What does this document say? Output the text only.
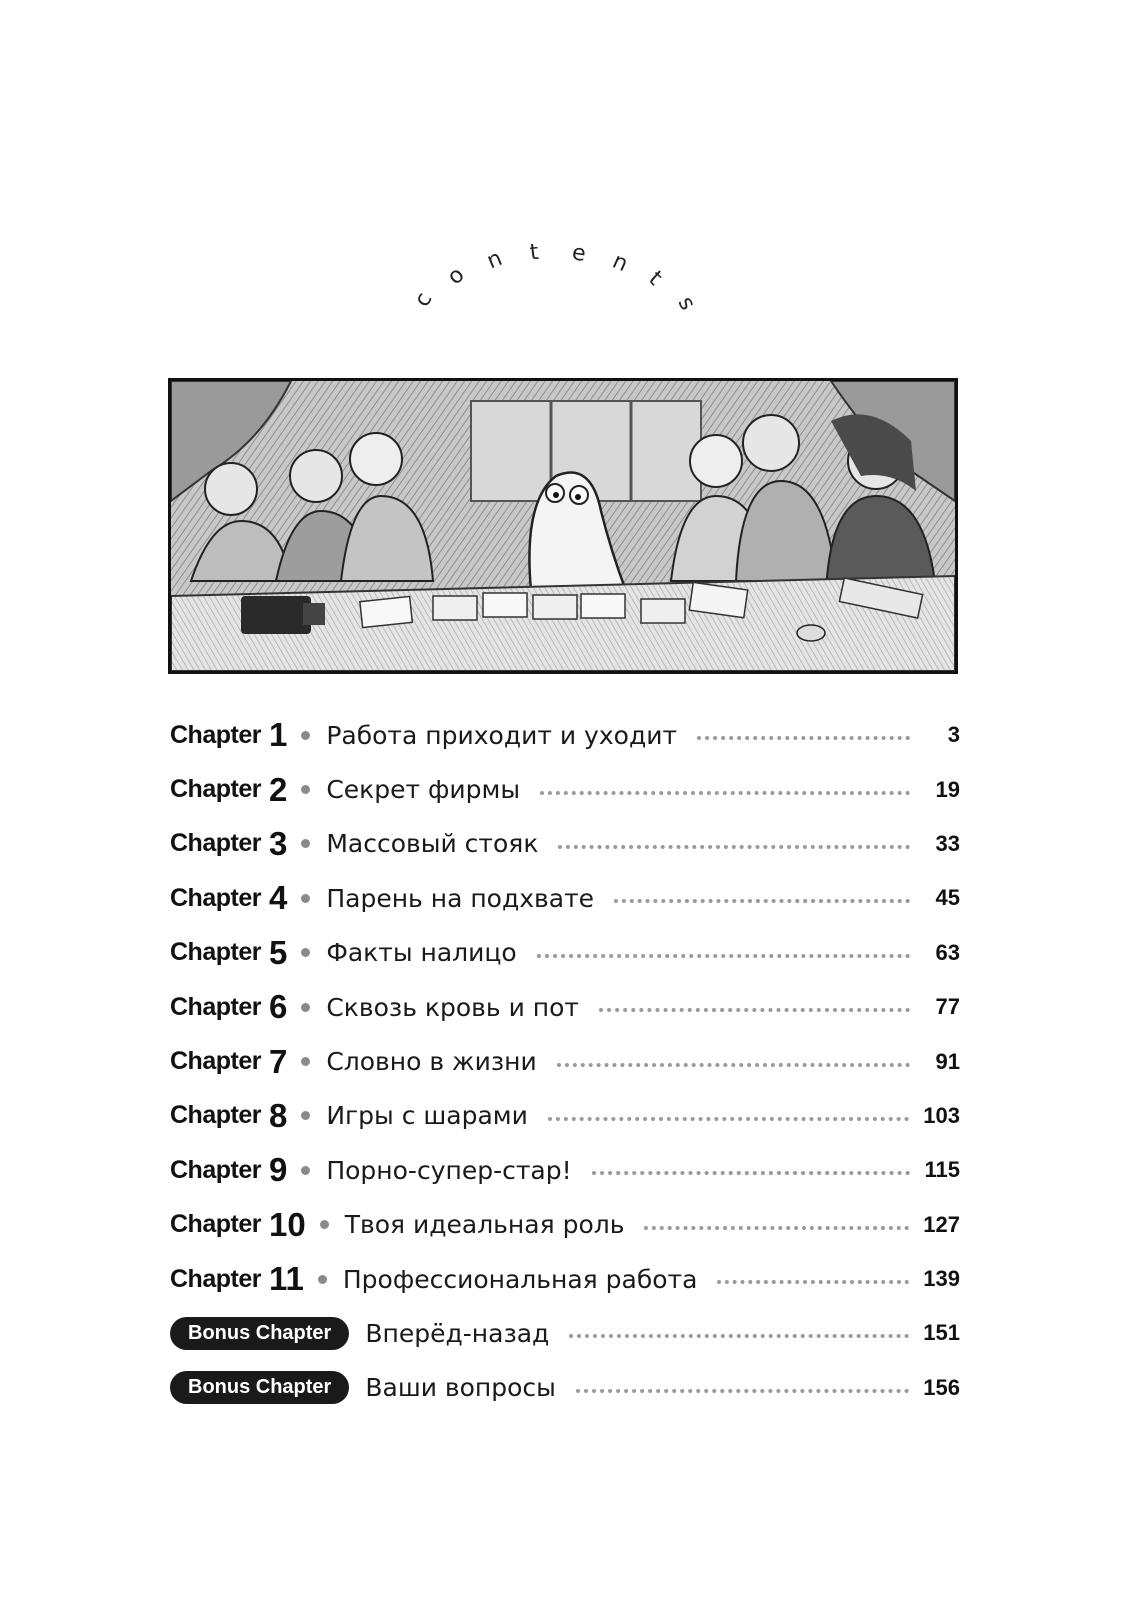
c
o
n t e n
t
s
Chapter 1 Работа приходит и уходит	3
Chapter 2 Секрет фирмы	19
Chapter 3 Массовый стояк	33
Chapter 4 Парень на подхвате	45
Chapter 5 Факты налицо	63
Chapter 6 Сквозь кровь и пот	77
Chapter 7 Словно в жизни	91
Chapter 8 Игры с шарами	103
Chapter 9 Порно-супер-стар!	115
Chapter 10 Твоя идеальная роль	127
Chapter 11 Профессиональная работа	139
Bonus Chapter	Вперёд-назад	151
Bonus Chapter	Ваши вопросы	156
